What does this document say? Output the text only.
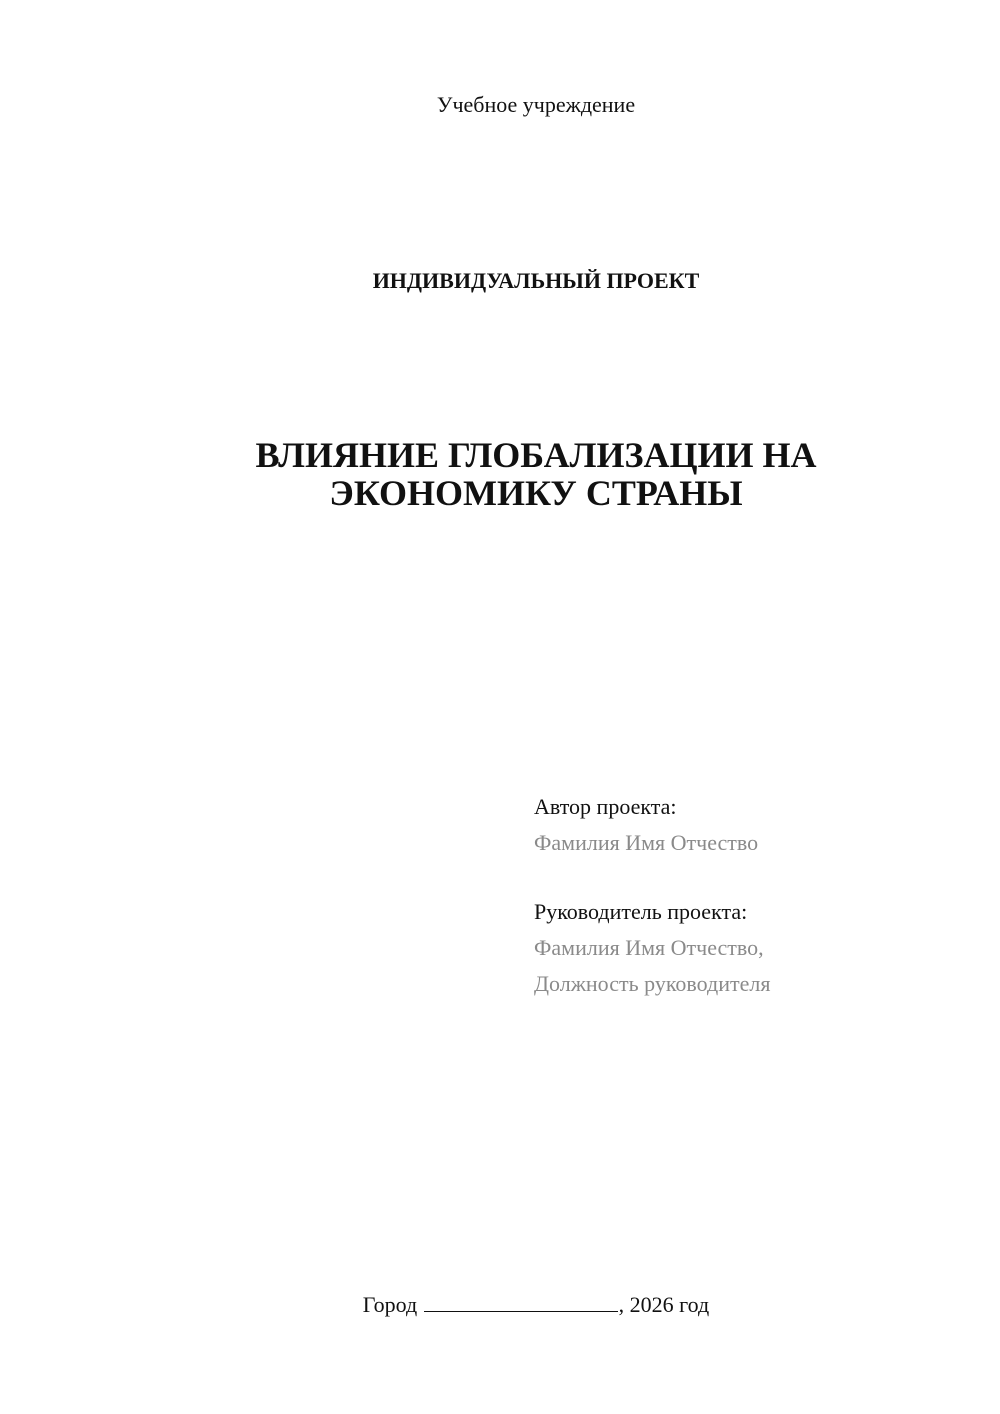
Учебное учреждение
ИНДИВИДУАЛЬНЫЙ ПРОЕКТ
ВЛИЯНИЕ ГЛОБАЛИЗАЦИИ НА
ЭКОНОМИКУ СТРАНЫ
Автор проекта:
Фамилия Имя Отчество
Руководитель проекта:
Фамилия Имя Отчество,
Должность руководителя
Город	, 2026 год
